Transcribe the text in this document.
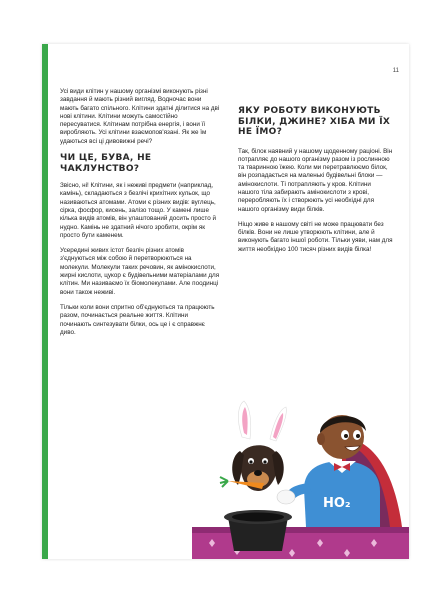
11

Усі види клітин у нашому організмі виконують різні завдання й мають різний вигляд. Водночас вони мають багато спільного. Клітини здатні ділитися на дві нові клітини. Клітини можуть самостійно пересуватися. Клітинам потрібна енергія, і вони її виробляють. Усі клітини взаємопов'язані. Як же їм удаються всі ці дивовижні речі?

ЧИ ЦЕ, БУВА, НЕ ЧАКЛУНСТВО?

Звісно, ні! Клітини, як і неживі предмети (наприклад, камінь), складаються з безлічі крихітних кульок, що називаються атомами. Атоми є різних видів: вуглець, сірка, фосфор, кисень, залізо тощо. У камені лише кілька видів атомів, він улаштований досить просто й нудно. Камінь не здатний нічого зробити, окрім як просто бути каменем.

Усередині живих істот безліч різних атомів з'єднуються між собою й перетворюються на молекули. Молекули таких речовин, як амінокислоти, жирні кислоти, цукор є будівельними матеріалами для клітин. Ми називаємо їх біомолекулами. Але поодинці вони також неживі.

Тільки коли вони спритно об'єднуються та працюють разом, починається реальне життя. Клітини починають синтезувати білки, ось це і є справжнє диво.

ЯКУ РОБОТУ ВИКОНУЮТЬ БІЛКИ, ДЖИНЕ? ХІБА МИ ЇХ НЕ ЇМО?

Так, білок наявний у нашому щоденному раціоні. Він потрапляє до нашого організму разом із рослинною та тваринною їжею. Коли ми перетравлюємо білок, він розпадається на маленькі будівельні блоки — амінокислоти. Ті потрапляють у кров. Клітини нашого тіла забирають амінокислоти з крові, переробляють їх і створюють усі необхідні для нашого організму види білків.

Ніщо живе в нашому світі не може працювати без білків. Вони не лише утворюють клітини, але й виконують багато іншої роботи. Тільки уяви, нам для життя необхідно 100 тисяч різних видів білка!

HO₂
